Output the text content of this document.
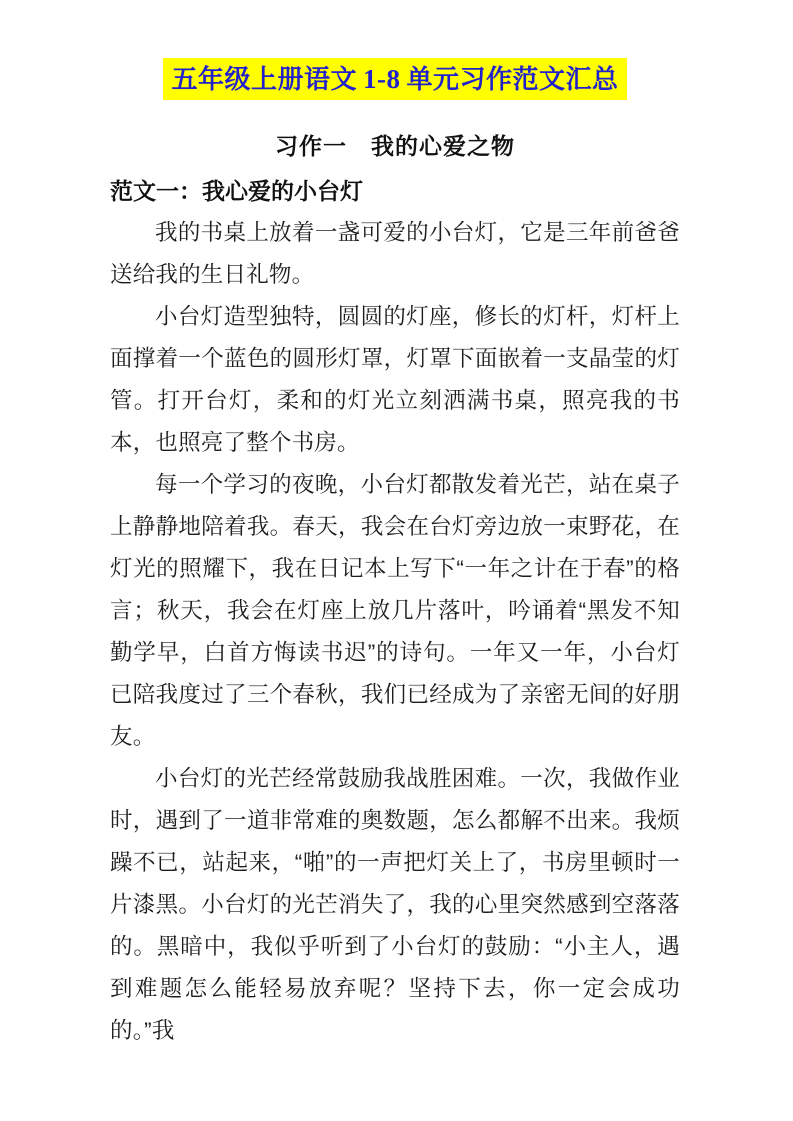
五年级上册语文 1-8 单元习作范文汇总
习作一　我的心爱之物
范文一：我心爱的小台灯

我的书桌上放着一盏可爱的小台灯，它是三年前爸爸送给我的生日礼物。

小台灯造型独特，圆圆的灯座，修长的灯杆，灯杆上面撑着一个蓝色的圆形灯罩，灯罩下面嵌着一支晶莹的灯管。打开台灯，柔和的灯光立刻洒满书桌，照亮我的书本，也照亮了整个书房。

每一个学习的夜晚，小台灯都散发着光芒，站在桌子上静静地陪着我。春天，我会在台灯旁边放一束野花，在灯光的照耀下，我在日记本上写下“一年之计在于春”的格言；秋天，我会在灯座上放几片落叶，吟诵着“黑发不知勤学早，白首方悔读书迟”的诗句。一年又一年，小台灯已陪我度过了三个春秋，我们已经成为了亲密无间的好朋友。

小台灯的光芒经常鼓励我战胜困难。一次，我做作业时，遇到了一道非常难的奥数题，怎么都解不出来。我烦躁不已，站起来，“啪”的一声把灯关上了，书房里顿时一片漆黑。小台灯的光芒消失了，我的心里突然感到空落落的。黑暗中，我似乎听到了小台灯的鼓励：“小主人，遇到难题怎么能轻易放弃呢？坚持下去，你一定会成功的。”我
